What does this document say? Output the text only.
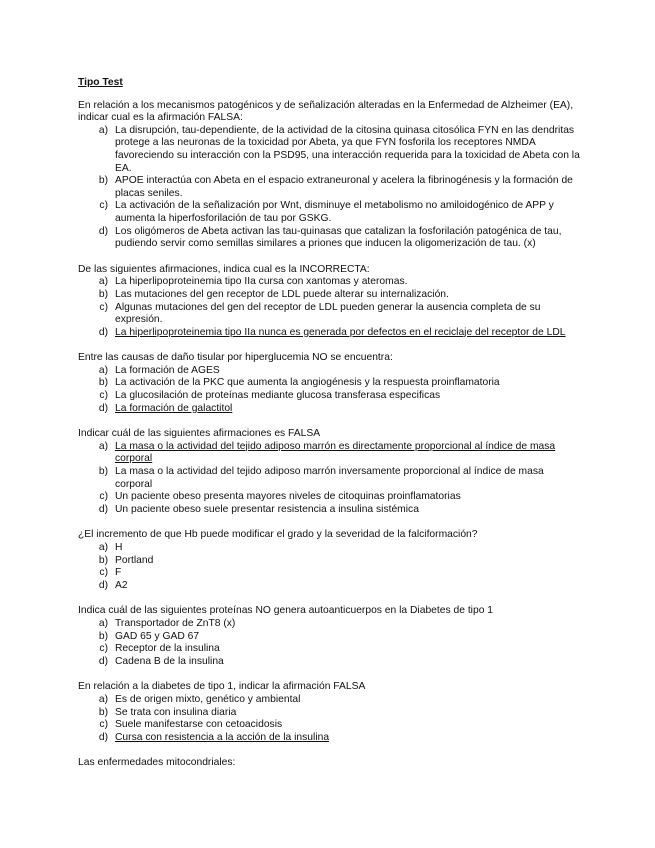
Tipo Test

En relación a los mecanismos patogénicos y de señalización alteradas en la Enfermedad de Alzheimer (EA), indicar cual es la afirmación FALSA:

a) La disrupción, tau-dependiente, de la actividad de la citosina quinasa citosólica FYN en las dendritas protege a las neuronas de la toxicidad por Abeta, ya que FYN fosforila los receptores NMDA favoreciendo su interacción con la PSD95, una interacción requerida para la toxicidad de Abeta con la EA.
b) APOE interactúa con Abeta en el espacio extraneuronal y acelera la fibrinogénesis y la formación de placas seniles.
c) La activación de la señalización por Wnt, disminuye el metabolismo no amiloidogénico de APP y aumenta la hiperfosforilación de tau por GSKG.
d) Los oligómeros de Abeta activan las tau-quinasas que catalizan la fosforilación patogénica de tau, pudiendo servir como semillas similares a priones que inducen la oligomerización de tau. (x)

De las siguientes afirmaciones, indica cual es la INCORRECTA:

a) La hiperlipoproteinemia tipo IIa cursa con xantomas y ateromas.
b) Las mutaciones del gen receptor de LDL puede alterar su internalización.
c) Algunas mutaciones del gen del receptor de LDL pueden generar la ausencia completa de su expresión.
d) La hiperlipoproteinemia tipo IIa nunca es generada por defectos en el reciclaje del receptor de LDL

Entre las causas de daño tisular por hiperglucemia NO se encuentra:

a) La formación de AGES
b) La activación de la PKC que aumenta la angiogénesis y la respuesta proinflamatoria
c) La glucosilación de proteínas mediante glucosa transferasa especificas
d) La formación de galactitol

Indicar cuál de las siguientes afirmaciones es FALSA

a) La masa o la actividad del tejido adiposo marrón es directamente proporcional al índice de masa corporal
b) La masa o la actividad del tejido adiposo marrón inversamente proporcional al índice de masa corporal
c) Un paciente obeso presenta mayores niveles de citoquinas proinflamatorias
d) Un paciente obeso suele presentar resistencia a insulina sistémica

¿El incremento de que Hb puede modificar el grado y la severidad de la falciformación?

a) H
b) Portland
c) F
d) A2

Indica cuál de las siguientes proteínas NO genera autoanticuerpos en la Diabetes de tipo 1

a) Transportador de ZnT8 (x)
b) GAD 65 y GAD 67
c) Receptor de la insulina
d) Cadena B de la insulina

En relación a la diabetes de tipo 1, indicar la afirmación FALSA

a) Es de origen mixto, genético y ambiental
b) Se trata con insulina diaria
c) Suele manifestarse con cetoacidosis
d) Cursa con resistencia a la acción de la insulina

Las enfermedades mitocondriales:
